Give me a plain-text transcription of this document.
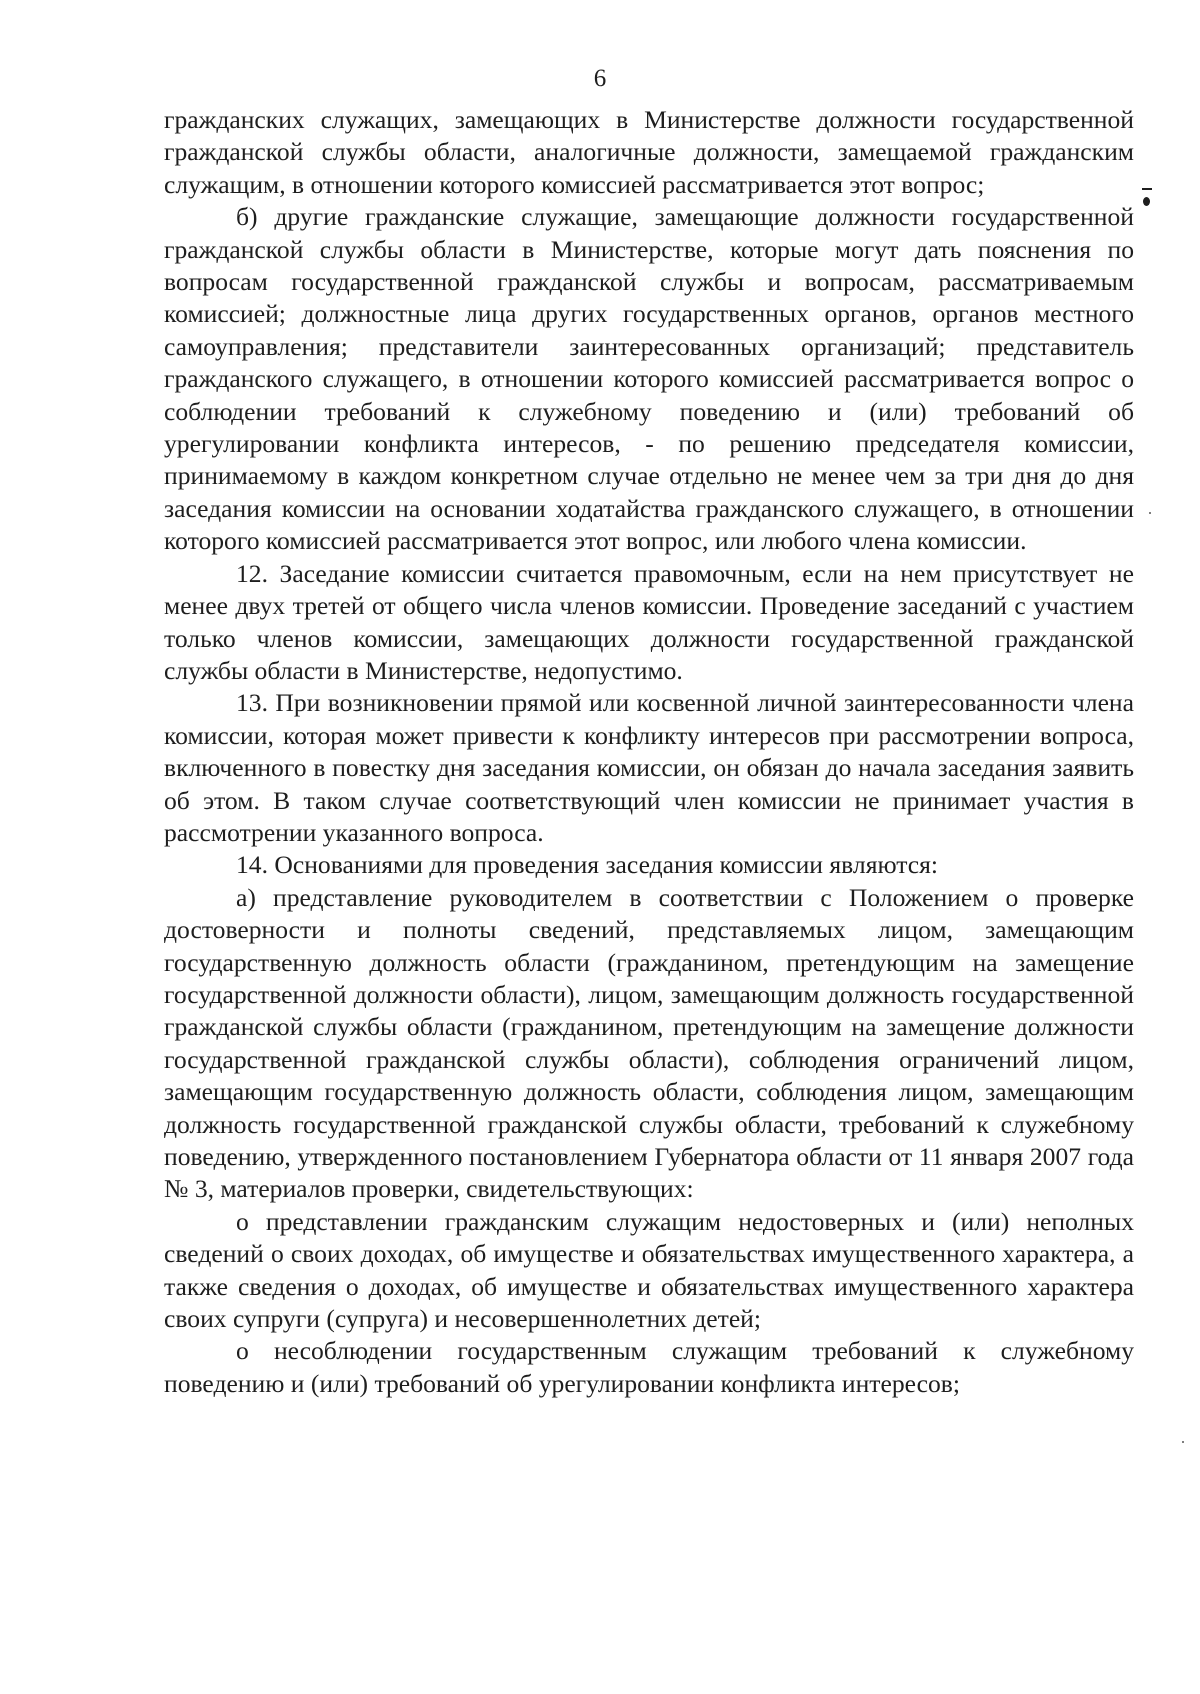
6

гражданских служащих, замещающих в Министерстве должности государственной гражданской службы области, аналогичные должности, замещаемой гражданским служащим, в отношении которого комиссией рассматривается этот вопрос;

б) другие гражданские служащие, замещающие должности государственной гражданской службы области в Министерстве, которые могут дать пояснения по вопросам государственной гражданской службы и вопросам, рассматриваемым комиссией; должностные лица других государственных органов, органов местного самоуправления; представители заинтересованных организаций; представитель гражданского служащего, в отношении которого комиссией рассматривается вопрос о соблюдении требований к служебному поведению и (или) требований об урегулировании конфликта интересов, - по решению председателя комиссии, принимаемому в каждом конкретном случае отдельно не менее чем за три дня до дня заседания комиссии на основании ходатайства гражданского служащего, в отношении которого комиссией рассматривается этот вопрос, или любого члена комиссии.

12. Заседание комиссии считается правомочным, если на нем присутствует не менее двух третей от общего числа членов комиссии. Проведение заседаний с участием только членов комиссии, замещающих должности государственной гражданской службы области в Министерстве, недопустимо.

13. При возникновении прямой или косвенной личной заинтересованности члена комиссии, которая может привести к конфликту интересов при рассмотрении вопроса, включенного в повестку дня заседания комиссии, он обязан до начала заседания заявить об этом. В таком случае соответствующий член комиссии не принимает участия в рассмотрении указанного вопроса.

14. Основаниями для проведения заседания комиссии являются:

а) представление руководителем в соответствии с Положением о проверке достоверности и полноты сведений, представляемых лицом, замещающим государственную должность области (гражданином, претендующим на замещение государственной должности области), лицом, замещающим должность государственной гражданской службы области (гражданином, претендующим на замещение должности государственной гражданской службы области), соблюдения ограничений лицом, замещающим государственную должность области, соблюдения лицом, замещающим должность государственной гражданской службы области, требований к служебному поведению, утвержденного постановлением Губернатора области от 11 января 2007 года № 3, материалов проверки, свидетельствующих:

о представлении гражданским служащим недостоверных и (или) неполных сведений о своих доходах, об имуществе и обязательствах имущественного характера, а также сведения о доходах, об имуществе и обязательствах имущественного характера своих супруги (супруга) и несовершеннолетних детей;

о несоблюдении государственным служащим требований к служебному поведению и (или) требований об урегулировании конфликта интересов;
